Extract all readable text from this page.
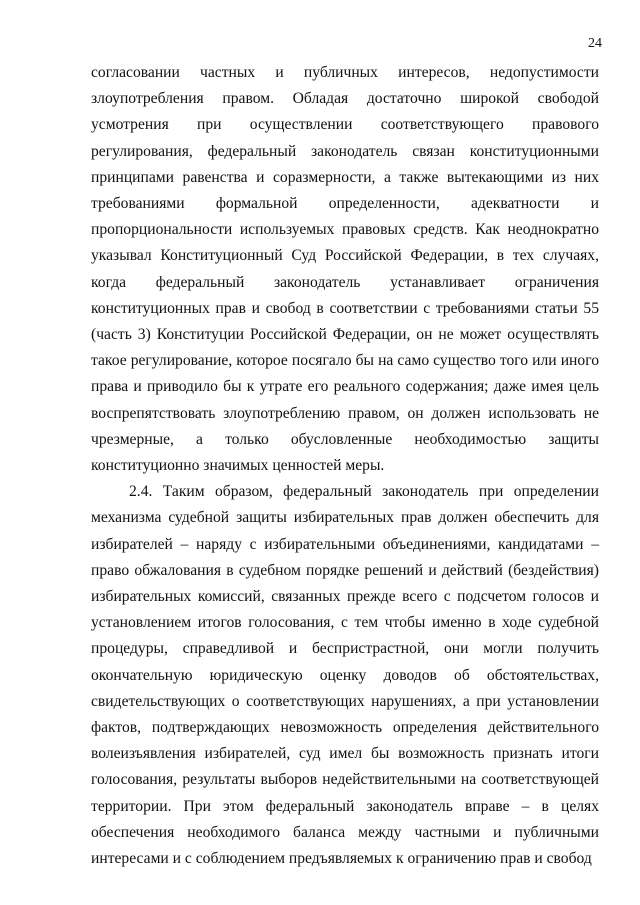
24

согласовании частных и публичных интересов, недопустимости злоупотребления правом. Обладая достаточно широкой свободой усмотрения при осуществлении соответствующего правового регулирования, федеральный законодатель связан конституционными принципами равенства и соразмерности, а также вытекающими из них требованиями формальной определенности, адекватности и пропорциональности используемых правовых средств. Как неоднократно указывал Конституционный Суд Российской Федерации, в тех случаях, когда федеральный законодатель устанавливает ограничения конституционных прав и свобод в соответствии с требованиями статьи 55 (часть 3) Конституции Российской Федерации, он не может осуществлять такое регулирование, которое посягало бы на само существо того или иного права и приводило бы к утрате его реального содержания; даже имея цель воспрепятствовать злоупотреблению правом, он должен использовать не чрезмерные, а только обусловленные необходимостью защиты конституционно значимых ценностей меры.

2.4. Таким образом, федеральный законодатель при определении механизма судебной защиты избирательных прав должен обеспечить для избирателей – наряду с избирательными объединениями, кандидатами – право обжалования в судебном порядке решений и действий (бездействия) избирательных комиссий, связанных прежде всего с подсчетом голосов и установлением итогов голосования, с тем чтобы именно в ходе судебной процедуры, справедливой и беспристрастной, они могли получить окончательную юридическую оценку доводов об обстоятельствах, свидетельствующих о соответствующих нарушениях, а при установлении фактов, подтверждающих невозможность определения действительного волеизъявления избирателей, суд имел бы возможность признать итоги голосования, результаты выборов недействительными на соответствующей территории. При этом федеральный законодатель вправе – в целях обеспечения необходимого баланса между частными и публичными интересами и с соблюдением предъявляемых к ограничению прав и свобод
